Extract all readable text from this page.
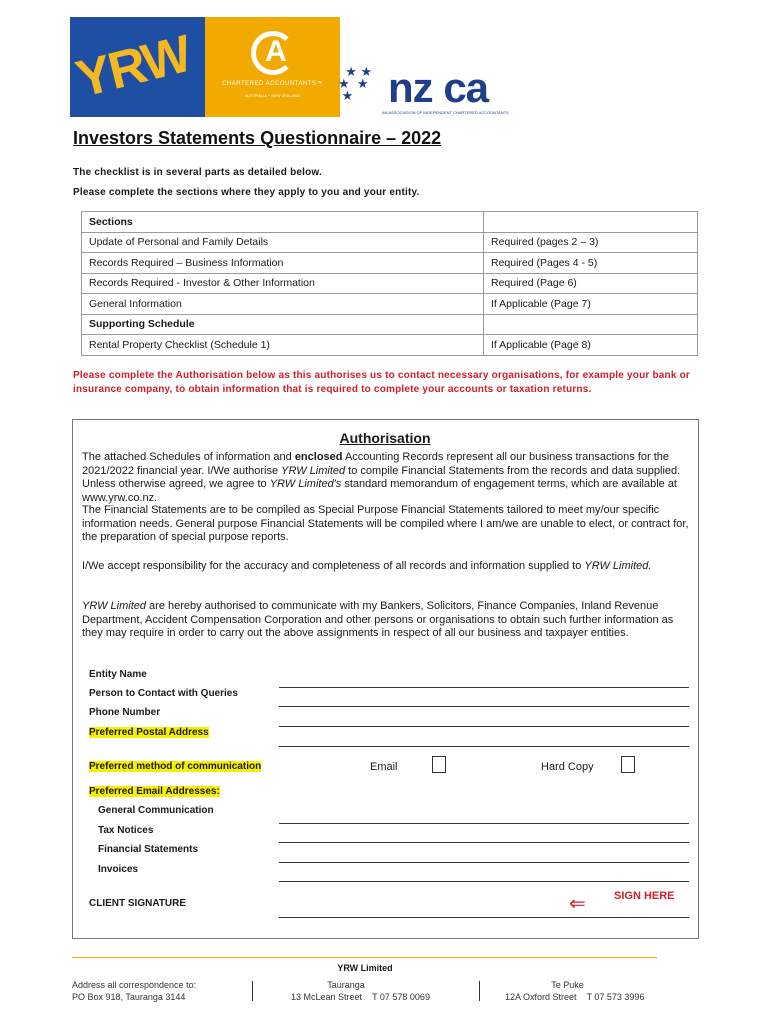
YRW A
CHARTERED ACCOUNTANTS™
AUSTRALIA + NEW ZEALAND
★ ★
★  ★
★ nz ca
AN ASSOCIATION OF INDEPENDENT CHARTERED ACCOUNTANTS
Investors Statements Questionnaire – 2022
The checklist is in several parts as detailed below.
Please complete the sections where they apply to you and your entity.
Sections	
Update of Personal and Family Details	Required (pages 2 – 3)
Records Required – Business Information	Required (Pages 4 - 5)
Records Required - Investor & Other Information	Required (Page 6)
General Information	If Applicable (Page 7)
Supporting Schedule	
Rental Property Checklist (Schedule 1)	If Applicable (Page 8)
Please complete the Authorisation below as this authorises us to contact necessary organisations, for example your bank or insurance company, to obtain information that is required to complete your accounts or taxation returns.
Authorisation
The attached Schedules of information and enclosed Accounting Records represent all our business transactions for the 2021/2022 financial year. I/We authorise YRW Limited to compile Financial Statements from the records and data supplied. Unless otherwise agreed, we agree to YRW Limited's standard memorandum of engagement terms, which are available at www.yrw.co.nz.
The Financial Statements are to be compiled as Special Purpose Financial Statements tailored to meet my/our specific information needs. General purpose Financial Statements will be compiled where I am/we are unable to elect, or contract for, the preparation of special purpose reports.
I/We accept responsibility for the accuracy and completeness of all records and information supplied to YRW Limited.
YRW Limited are hereby authorised to communicate with my Bankers, Solicitors, Finance Companies, Inland Revenue Department, Accident Compensation Corporation and other persons or organisations to obtain such further information as they may require in order to carry out the above assignments in respect of all our business and taxpayer entities.
Entity Name
Person to Contact with Queries
Phone Number
Preferred Postal Address
Preferred method of communication	Email	Hard Copy
Preferred Email Addresses:
General Communication
Tax Notices
Financial Statements
Invoices
CLIENT SIGNATURE	⇐	SIGN HERE
YRW Limited
Address all correspondence to:
PO Box 918, Tauranga 3144
Tauranga
13 McLean Street T 07 578 0069
Te Puke
12A Oxford Street T 07 573 3996
